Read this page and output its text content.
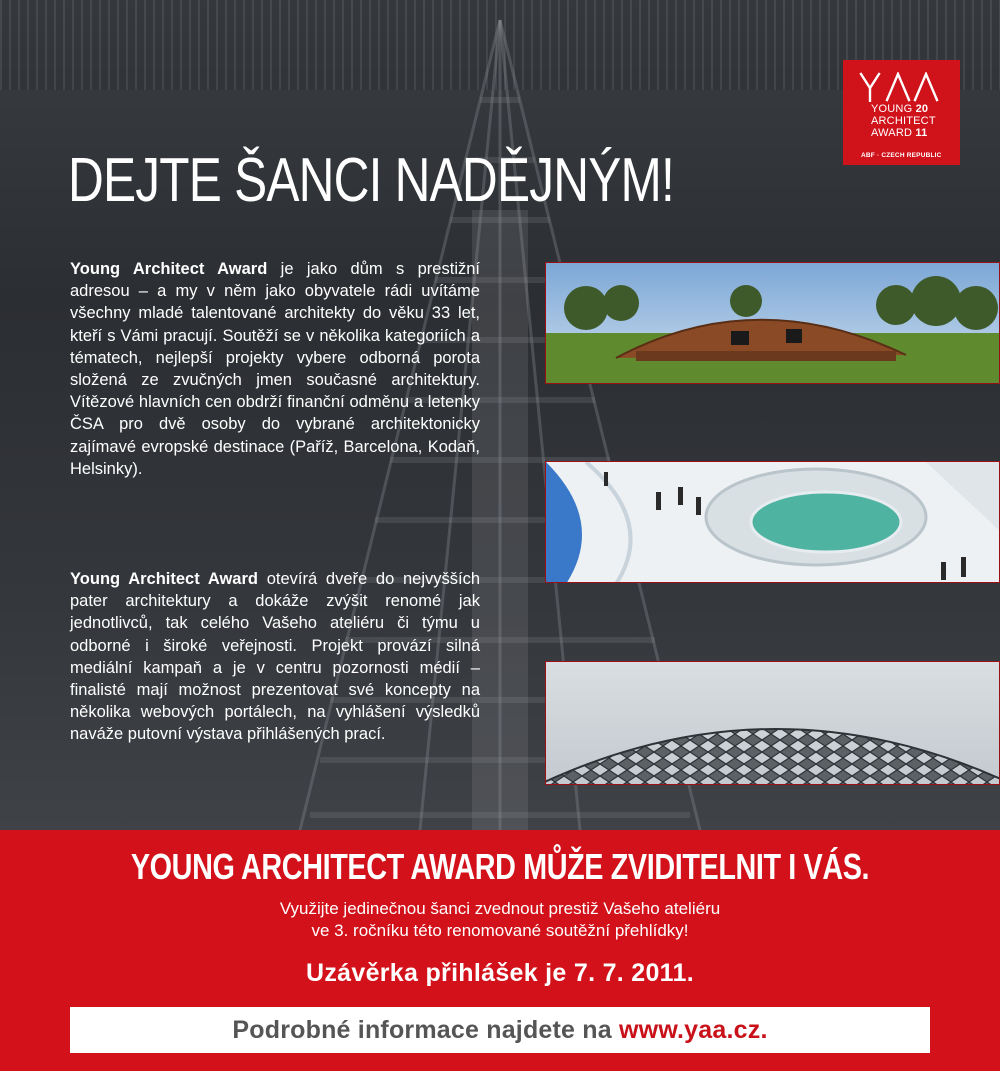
YOUNG 20
ARCHITECT
AWARD 11
ABF · CZECH REPUBLIC
DEJTE ŠANCI NADĚJNÝM!

Young Architect Award je jako dům s prestižní adresou – a my v něm jako obyvatele rádi uvítáme všechny mladé talentované architekty do věku 33 let, kteří s Vámi pracují. Soutěží se v několika kategoriích a tématech, nejlepší projekty vybere odborná porota složená ze zvučných jmen současné architektury. Vítězové hlavních cen obdrží finanční odměnu a letenky ČSA pro dvě osoby do vybrané architektonicky zajímavé evropské destinace (Paříž, Barcelona, Kodaň, Helsinky).

Young Architect Award otevírá dveře do nejvyšších pater architektury a dokáže zvýšit renomé jak jednotlivců, tak celého Vašeho ateliéru či týmu u odborné i široké veřejnosti. Projekt provází silná mediální kampaň a je v centru pozornosti médií – finalisté mají možnost prezentovat své koncepty na několika webových portálech, na vyhlášení výsledků naváže putovní výstava přihlášených prací.

YOUNG ARCHITECT AWARD MŮŽE ZVIDITELNIT I VÁS.
Využijte jedinečnou šanci zvednout prestiž Vašeho ateliéru
ve 3. ročníku této renomované soutěžní přehlídky!
Uzávěrka přihlášek je 7. 7. 2011.
Podrobné informace najdete na www.yaa.cz.
